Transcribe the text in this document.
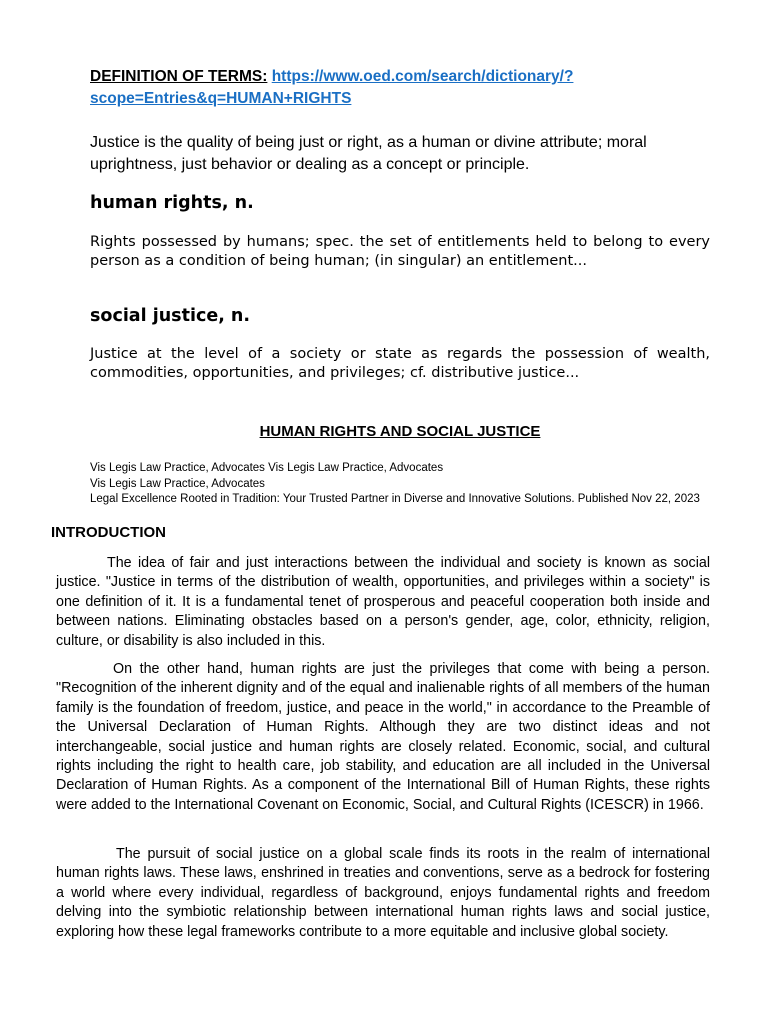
DEFINITION OF TERMS: https://www.oed.com/search/dictionary/?scope=Entries&q=HUMAN+RIGHTS
Justice is the quality of being just or right, as a human or divine attribute; moral uprightness, just behavior or dealing as a concept or principle.
human rights, n.
Rights possessed by humans; spec. the set of entitlements held to belong to every person as a condition of being human; (in singular) an entitlement...
social justice, n.
Justice at the level of a society or state as regards the possession of wealth, commodities, opportunities, and privileges; cf. distributive justice...
HUMAN RIGHTS AND SOCIAL JUSTICE
Vis Legis Law Practice, Advocates Vis Legis Law Practice, Advocates
Vis Legis Law Practice, Advocates
Legal Excellence Rooted in Tradition: Your Trusted Partner in Diverse and Innovative Solutions. Published Nov 22, 2023
INTRODUCTION

The idea of fair and just interactions between the individual and society is known as social justice. "Justice in terms of the distribution of wealth, opportunities, and privileges within a society" is one definition of it. It is a fundamental tenet of prosperous and peaceful cooperation both inside and between nations. Eliminating obstacles based on a person's gender, age, color, ethnicity, religion, culture, or disability is also included in this.

On the other hand, human rights are just the privileges that come with being a person. "Recognition of the inherent dignity and of the equal and inalienable rights of all members of the human family is the foundation of freedom, justice, and peace in the world," in accordance to the Preamble of the Universal Declaration of Human Rights. Although they are two distinct ideas and not interchangeable, social justice and human rights are closely related. Economic, social, and cultural rights including the right to health care, job stability, and education are all included in the Universal Declaration of Human Rights. As a component of the International Bill of Human Rights, these rights were added to the International Covenant on Economic, Social, and Cultural Rights (ICESCR) in 1966.

The pursuit of social justice on a global scale finds its roots in the realm of international human rights laws. These laws, enshrined in treaties and conventions, serve as a bedrock for fostering a world where every individual, regardless of background, enjoys fundamental rights and freedom delving into the symbiotic relationship between international human rights laws and social justice, exploring how these legal frameworks contribute to a more equitable and inclusive global society.
